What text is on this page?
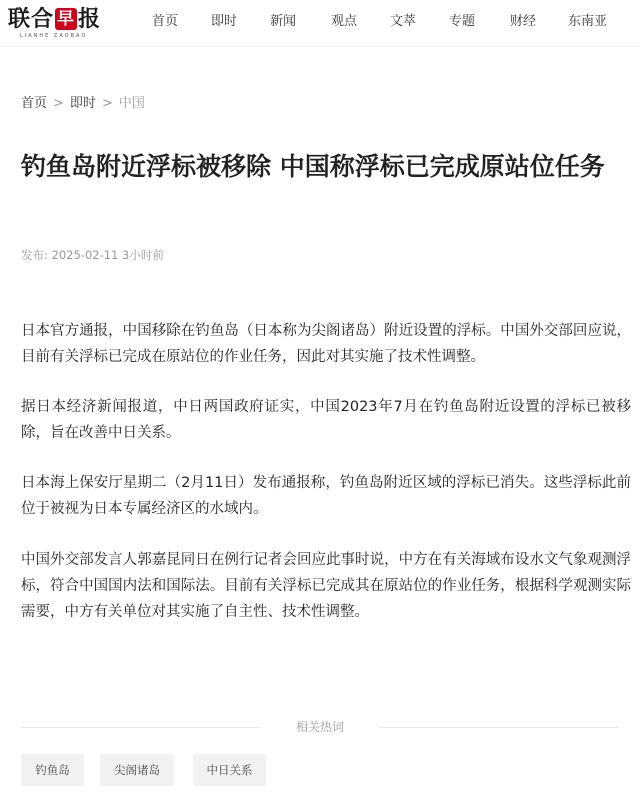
联合 早 报
LIANHE ZAOBAO
首页	即时	新闻	观点	文萃	专题	财经 东南亚
首页 > 即时 > 中国
钓鱼岛附近浮标被移除 中国称浮标已完成原站位任务
发布: 2025-02-11 3小时前

日本官方通报，中国移除在钓鱼岛（日本称为尖阁诸岛）附近设置的浮标。中国外交部回应说，目前有关浮标已完成在原站位的作业任务，因此对其实施了技术性调整。

据日本经济新闻报道，中日两国政府证实，中国2023年7月在钓鱼岛附近设置的浮标已被移除，旨在改善中日关系。

日本海上保安厅星期二（2月11日）发布通报称，钓鱼岛附近区域的浮标已消失。这些浮标此前位于被视为日本专属经济区的水域内。

中国外交部发言人郭嘉昆同日在例行记者会回应此事时说，中方在有关海域布设水文气象观测浮标，符合中国国内法和国际法。目前有关浮标已完成其在原站位的作业任务，根据科学观测实际需要，中方有关单位对其实施了自主性、技术性调整。

相关热词
钓鱼岛	尖阁诸岛	中日关系
